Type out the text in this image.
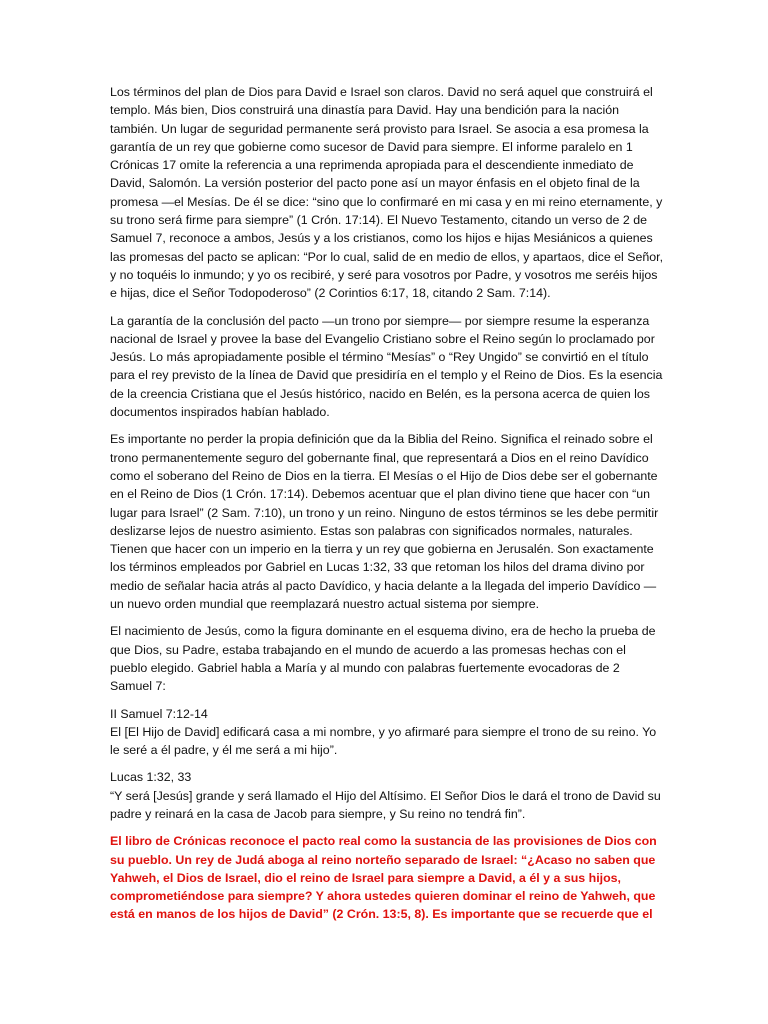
Los términos del plan de Dios para David e Israel son claros. David no será aquel que construirá el templo. Más bien, Dios construirá una dinastía para David. Hay una bendición para la nación también. Un lugar de seguridad permanente será provisto para Israel. Se asocia a esa promesa la garantía de un rey que gobierne como sucesor de David para siempre. El informe paralelo en 1 Crónicas 17 omite la referencia a una reprimenda apropiada para el descendiente inmediato de David, Salomón. La versión posterior del pacto pone así un mayor énfasis en el objeto final de la promesa —el Mesías. De él se dice: “sino que lo confirmaré en mi casa y en mi reino eternamente, y su trono será firme para siempre” (1 Crón. 17:14). El Nuevo Testamento, citando un verso de 2 de Samuel 7, reconoce a ambos, Jesús y a los cristianos, como los hijos e hijas Mesiánicos a quienes las promesas del pacto se aplican: “Por lo cual, salid de en medio de ellos, y apartaos, dice el Señor, y no toquéis lo inmundo; y yo os recibiré, y seré para vosotros por Padre, y vosotros me seréis hijos e hijas, dice el Señor Todopoderoso” (2 Corintios 6:17, 18, citando 2 Sam. 7:14).

La garantía de la conclusión del pacto —un trono por siempre— por siempre resume la esperanza nacional de Israel y provee la base del Evangelio Cristiano sobre el Reino según lo proclamado por Jesús. Lo más apropiadamente posible el término “Mesías” o “Rey Ungido” se convirtió en el título para el rey previsto de la línea de David que presidiría en el templo y el Reino de Dios. Es la esencia de la creencia Cristiana que el Jesús histórico, nacido en Belén, es la persona acerca de quien los documentos inspirados habían hablado.

Es importante no perder la propia definición que da la Biblia del Reino. Significa el reinado sobre el trono permanentemente seguro del gobernante final, que representará a Dios en el reino Davídico como el soberano del Reino de Dios en la tierra. El Mesías o el Hijo de Dios debe ser el gobernante en el Reino de Dios (1 Crón. 17:14). Debemos acentuar que el plan divino tiene que hacer con “un lugar para Israel” (2 Sam. 7:10), un trono y un reino. Ninguno de estos términos se les debe permitir deslizarse lejos de nuestro asimiento. Estas son palabras con significados normales, naturales. Tienen que hacer con un imperio en la tierra y un rey que gobierna en Jerusalén. Son exactamente los términos empleados por Gabriel en Lucas 1:32, 33 que retoman los hilos del drama divino por medio de señalar hacia atrás al pacto Davídico, y hacia delante a la llegada del imperio Davídico —un nuevo orden mundial que reemplazará nuestro actual sistema por siempre.

El nacimiento de Jesús, como la figura dominante en el esquema divino, era de hecho la prueba de que Dios, su Padre, estaba trabajando en el mundo de acuerdo a las promesas hechas con el pueblo elegido. Gabriel habla a María y al mundo con palabras fuertemente evocadoras de 2 Samuel 7:

II Samuel 7:12-14
El [El Hijo de David] edificará casa a mi nombre, y yo afirmaré para siempre el trono de su reino. Yo le seré a él padre, y él me será a mi hijo”.
Lucas 1:32, 33
“Y será [Jesús] grande y será llamado el Hijo del Altísimo. El Señor Dios le dará el trono de David su padre y reinará en la casa de Jacob para siempre, y Su reino no tendrá fin”.

El libro de Crónicas reconoce el pacto real como la sustancia de las provisiones de Dios con su pueblo. Un rey de Judá aboga al reino norteño separado de Israel: “¿Acaso no saben que Yahweh, el Dios de Israel, dio el reino de Israel para siempre a David, a él y a sus hijos, comprometiéndose para siempre? Y ahora ustedes quieren dominar el reino de Yahweh, que está en manos de los hijos de David” (2 Crón. 13:5, 8). Es importante que se recuerde que el
